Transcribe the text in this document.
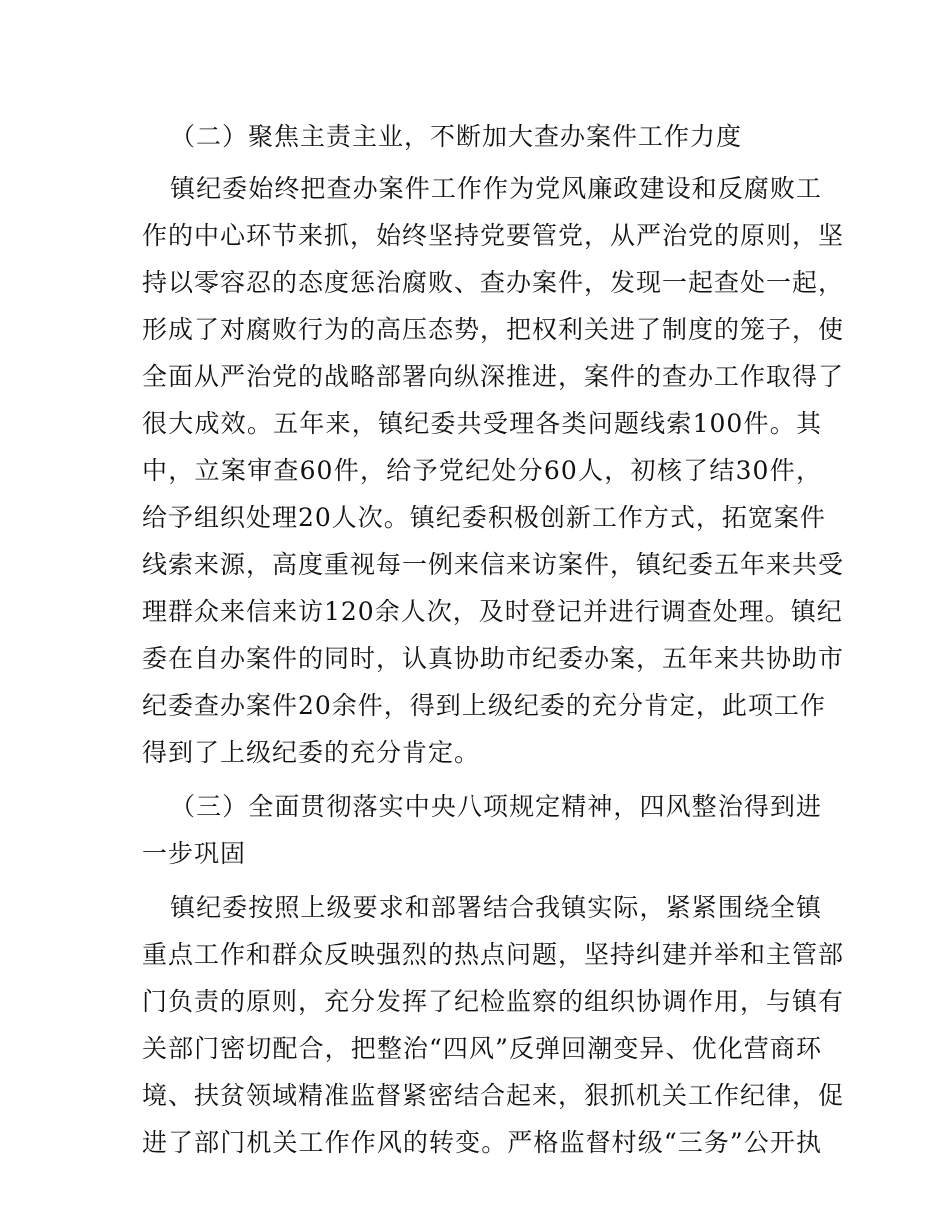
（二）聚焦主责主业，不断加大查办案件工作力度
镇纪委始终把查办案件工作作为党风廉政建设和反腐败工
作的中心环节来抓，始终坚持党要管党，从严治党的原则，坚
持以零容忍的态度惩治腐败、查办案件，发现一起查处一起，
形成了对腐败行为的高压态势，把权利关进了制度的笼子，使
全面从严治党的战略部署向纵深推进，案件的查办工作取得了
很大成效。五年来，镇纪委共受理各类问题线索100件。其
中，立案审查60件，给予党纪处分60人，初核了结30件，
给予组织处理20人次。镇纪委积极创新工作方式，拓宽案件
线索来源，高度重视每一例来信来访案件，镇纪委五年来共受
理群众来信来访120余人次，及时登记并进行调查处理。镇纪
委在自办案件的同时，认真协助市纪委办案，五年来共协助市
纪委查办案件20余件，得到上级纪委的充分肯定，此项工作
得到了上级纪委的充分肯定。
（三）全面贯彻落实中央八项规定精神，四风整治得到进
一步巩固
镇纪委按照上级要求和部署结合我镇实际，紧紧围绕全镇
重点工作和群众反映强烈的热点问题，坚持纠建并举和主管部
门负责的原则，充分发挥了纪检监察的组织协调作用，与镇有
关部门密切配合，把整治“四风”反弹回潮变异、优化营商环
境、扶贫领域精准监督紧密结合起来，狠抓机关工作纪律，促
进了部门机关工作作风的转变。严格监督村级“三务”公开执
